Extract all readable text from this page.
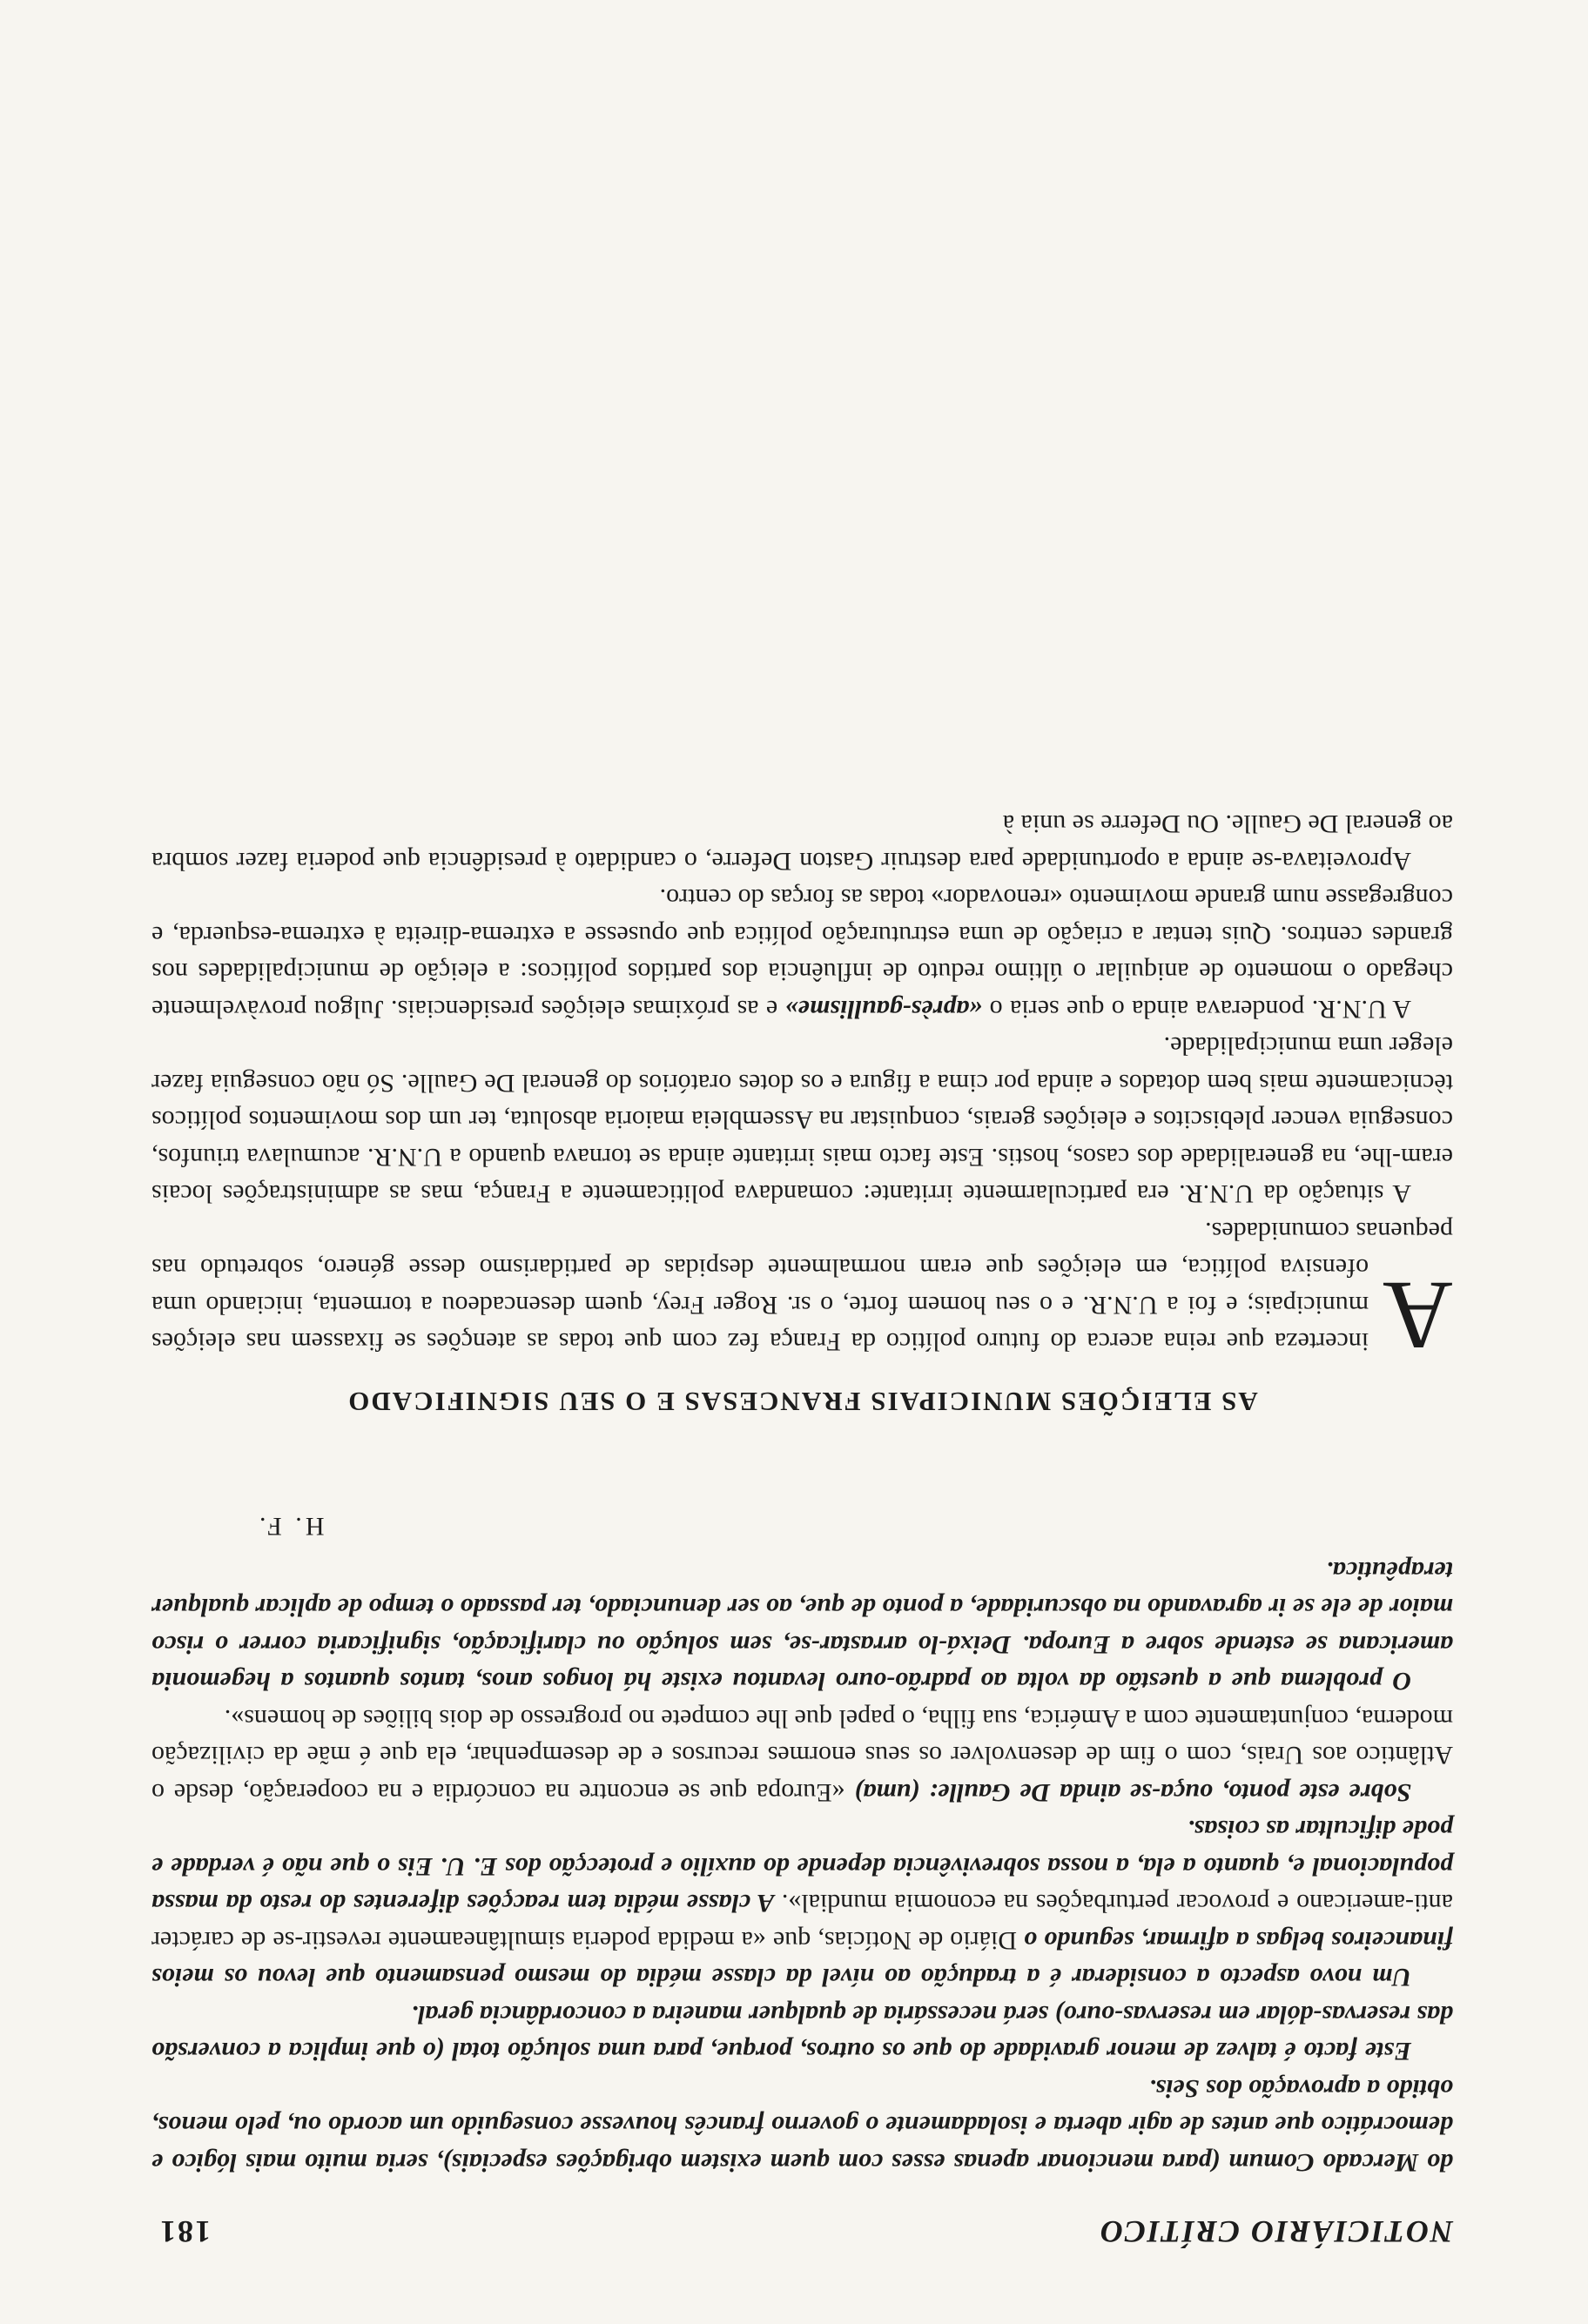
NOTICIÁRIO CRÍTICO
181

do Mercado Comum (para mencionar apenas esses com quem existem obrigações especiais), seria muito mais lógico e democrático que antes de agir aberta e isoladamente o governo francês houvesse conseguido um acordo ou, pelo menos, obtido a aprovação dos Seis.

Este facto é talvez de menor gravidade do que os outros, porque, para uma solução total (o que implica a conversão das reservas-dólar em reservas-ouro) será necessária de qualquer maneira a concordância geral.

Um novo aspecto a considerar é a tradução ao nível da classe média do mesmo pensamento que levou os meios financeiros belgas a afirmar, segundo o Diário de Notícias, que «a medida poderia simultâneamente revestir-se de carácter anti-americano e provocar perturbações na economia mundial». A classe média tem reacções diferentes do resto da massa populacional e, quanto a ela, a nossa sobrevivência depende do auxílio e protecção dos E. U. Eis o que não é verdade e pode dificultar as coisas.

Sobre este ponto, ouça-se ainda De Gaulle: (uma) «Europa que se encontre na concórdia e na cooperação, desde o Atlântico aos Urais, com o fim de desenvolver os seus enormes recursos e de desempenhar, ela que é mãe da civilização moderna, conjuntamente com a América, sua filha, o papel que lhe compete no progresso de dois biliões de homens».

O problema que a questão da volta ao padrão-ouro levantou existe há longos anos, tantos quantos a hegemonia americana se estende sobre a Europa. Deixá-lo arrastar-se, sem solução ou clarificação, significaria correr o risco maior de ele se ir agravando na obscuridade, a ponto de que, ao ser denunciado, ter passado o tempo de aplicar qualquer terapêutica.

H. F.
AS ELEIÇÕES MUNICIPAIS FRANCESAS E O SEU SIGNIFICADO

A
incerteza que reina acerca do futuro político da França fez com que todas as atenções se fixassem nas eleições municipais; e foi a U.N.R. e o seu homem forte, o sr. Roger Frey, quem desencadeou a tormenta, iniciando uma ofensiva política, em eleições que eram normalmente despidas de partidarismo desse género, sobretudo nas pequenas comunidades.

A situação da U.N.R. era particularmente irritante: comandava politicamente a França, mas as administrações locais eram-lhe, na generalidade dos casos, hostis. Este facto mais irritante ainda se tornava quando a U.N.R. acumulava triunfos, conseguia vencer plebiscitos e eleições gerais, conquistar na Assembleia maioria absoluta, ter um dos movimentos políticos tècnicamente mais bem dotados e ainda por cima a figura e os dotes oratórios do general De Gaulle. Só não conseguia fazer eleger uma municipalidade.

A U.N.R. ponderava ainda o que seria o «après-gaullisme» e as próximas eleições presidenciais. Julgou provàvelmente chegado o momento de aniquilar o último reduto de influência dos partidos políticos: a eleição de municipalidades nos grandes centros. Quis tentar a criação de uma estruturação política que opusesse a extrema-direita à extrema-esquerda, e congregasse num grande movimento «renovador» todas as forças do centro.

Aproveitava-se ainda a oportunidade para destruir Gaston Deferre, o candidato à presidência que poderia fazer sombra ao general De Gaulle. Ou Deferre se unia à
